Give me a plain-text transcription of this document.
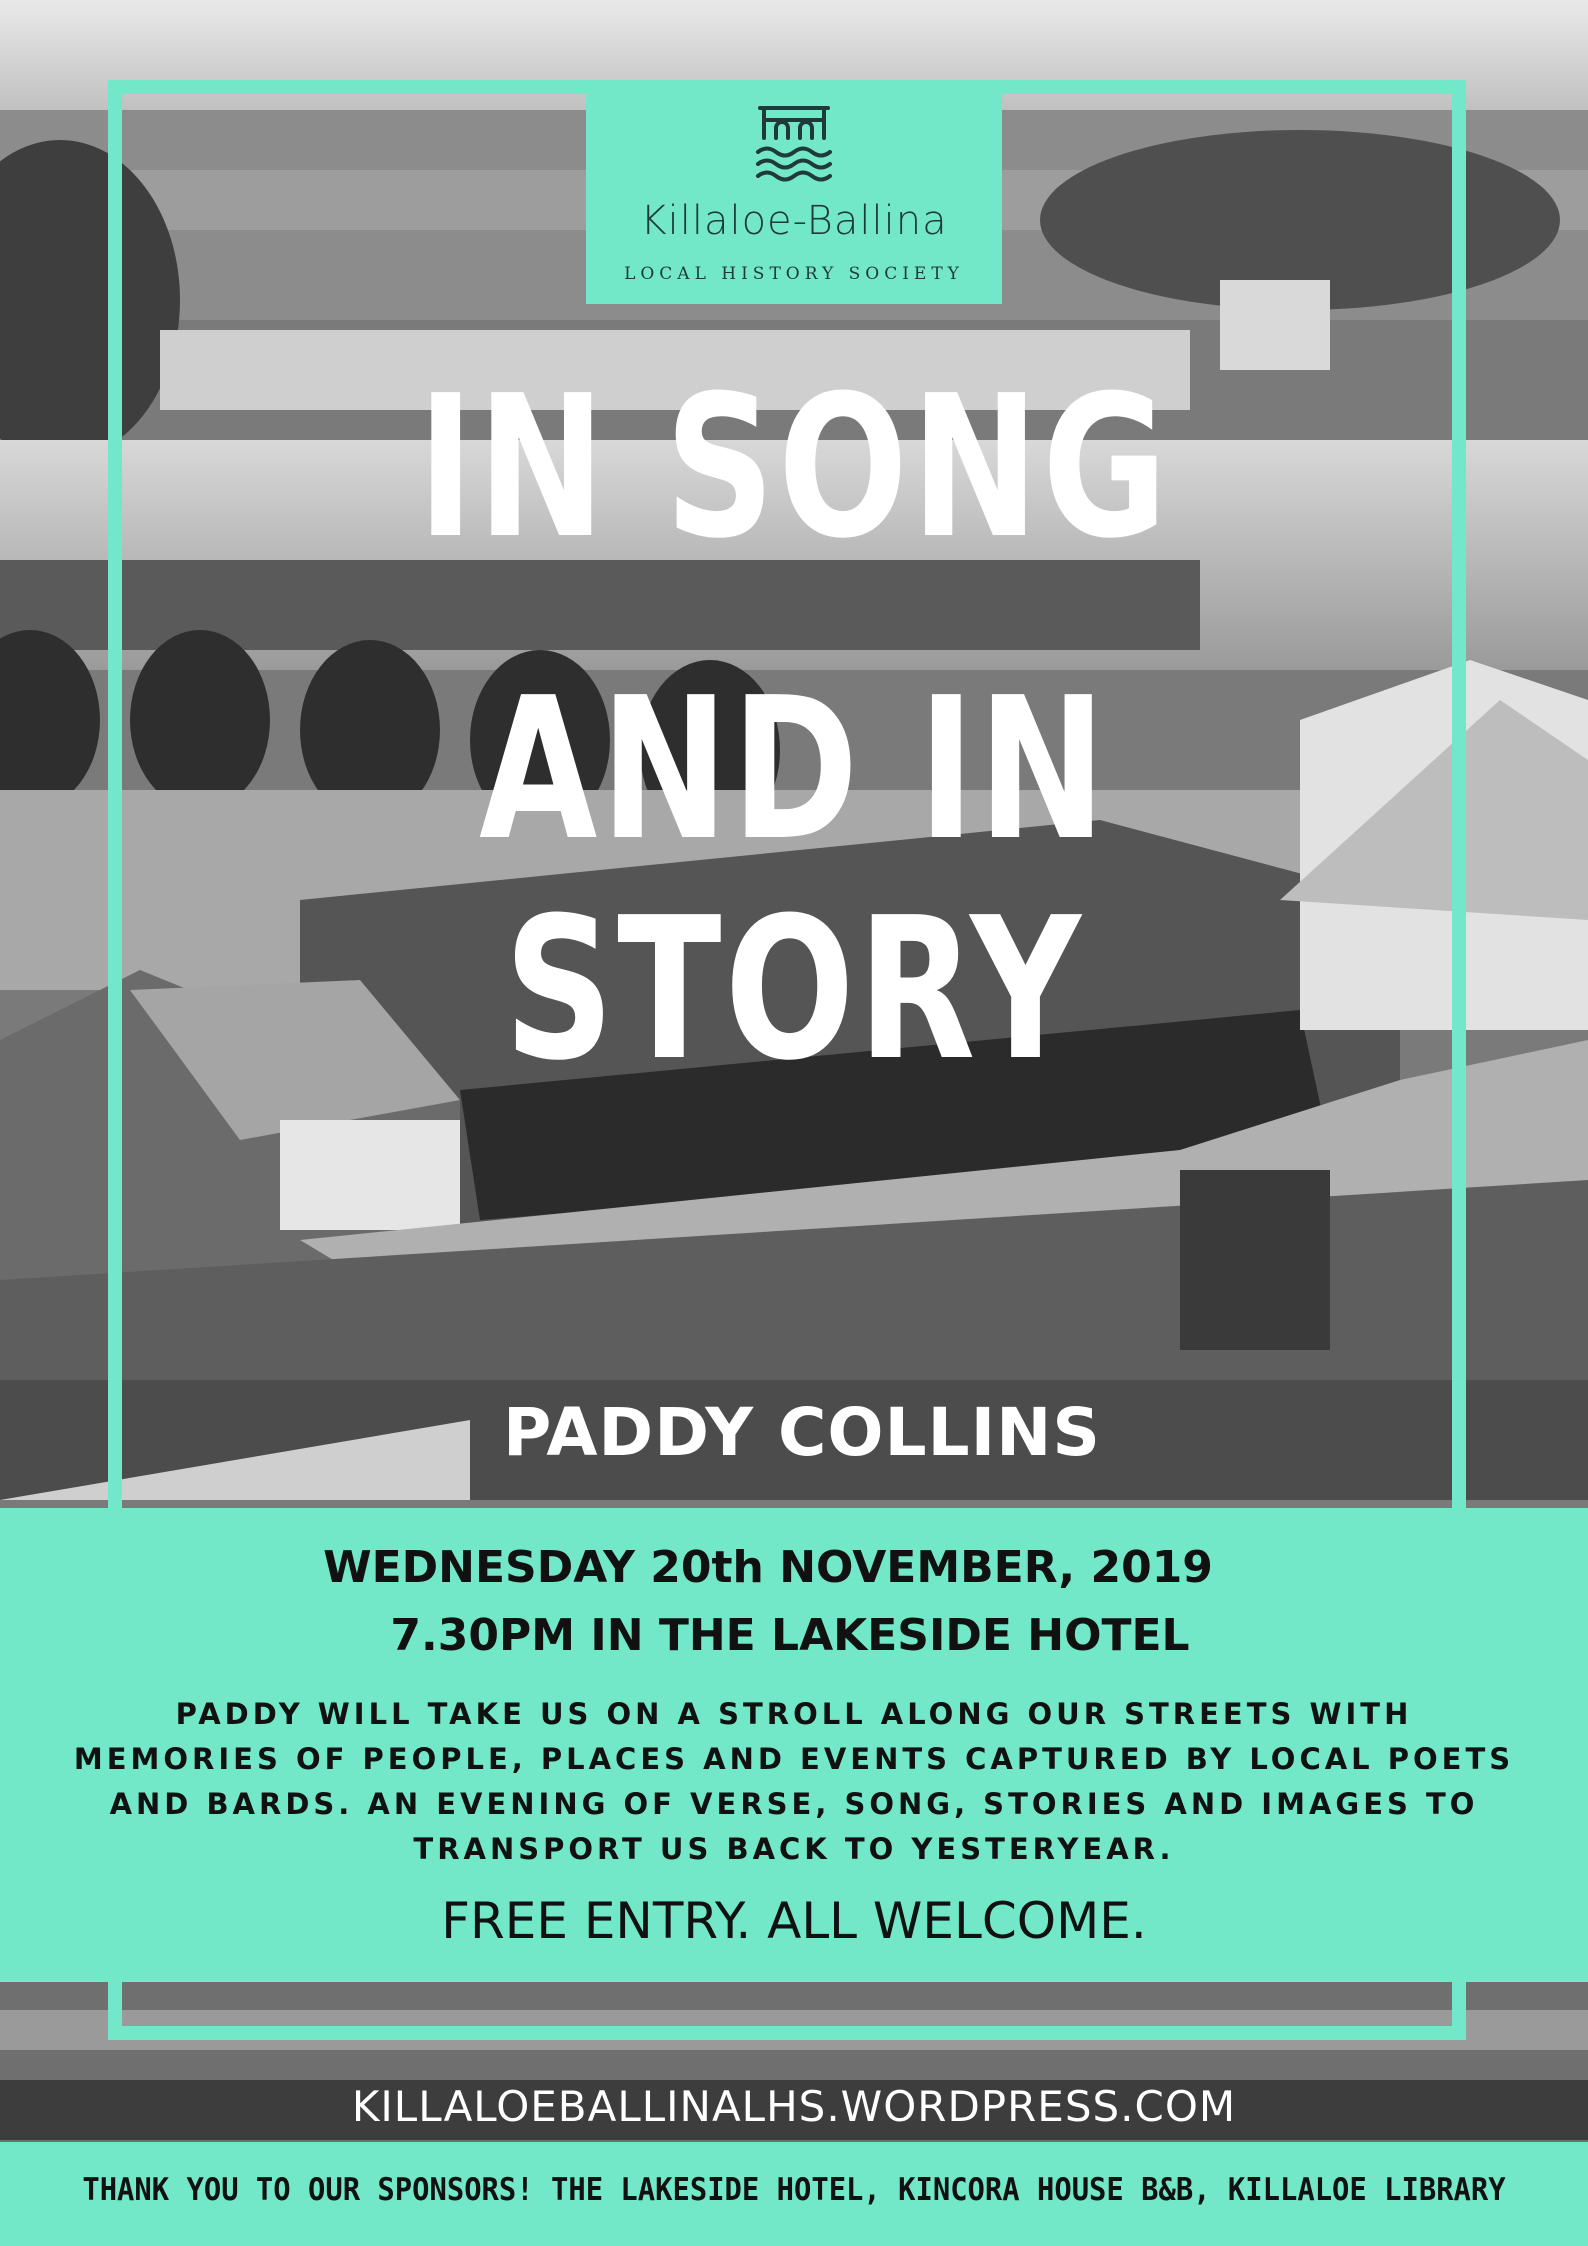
Killaloe-Ballina
LOCAL HISTORY SOCIETY
IN SONG
AND IN STORY
PADDY COLLINS
WEDNESDAY 20th NOVEMBER, 2019
7.30PM IN THE LAKESIDE HOTEL
PADDY WILL TAKE US ON A STROLL ALONG OUR STREETS WITH MEMORIES OF PEOPLE, PLACES AND EVENTS CAPTURED BY LOCAL POETS AND BARDS. AN EVENING OF VERSE, SONG, STORIES AND IMAGES TO TRANSPORT US BACK TO YESTERYEAR.
FREE ENTRY. ALL WELCOME.
KILLALOEBALLINALHS.WORDPRESS.COM
THANK YOU TO OUR SPONSORS! THE LAKESIDE HOTEL, KINCORA HOUSE B&B, KILLALOE LIBRARY
